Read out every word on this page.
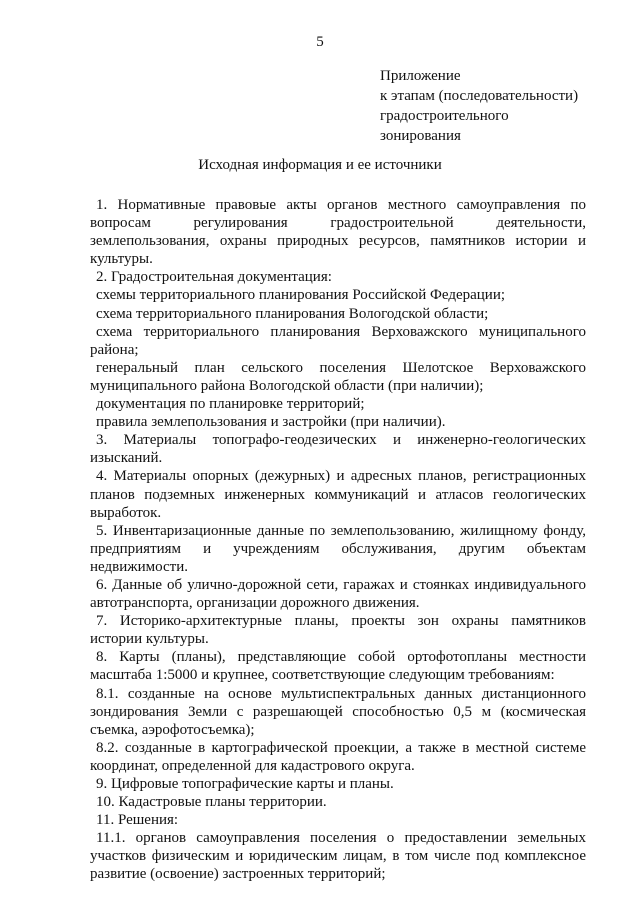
5
Приложение
к этапам (последовательности)
градостроительного
зонирования
Исходная информация и ее источники

1. Нормативные правовые акты органов местного самоуправления по вопросам регулирования градостроительной деятельности, землепользования, охраны природных ресурсов, памятников истории и культуры.

2. Градостроительная документация:

схемы территориального планирования Российской Федерации;

схема территориального планирования Вологодской области;

схема территориального планирования Верховажского муниципального района;

генеральный план сельского поселения Шелотское Верховажского муниципального района Вологодской области (при наличии);

документация по планировке территорий;

правила землепользования и застройки (при наличии).

3. Материалы топографо-геодезических и инженерно-геологических изысканий.

4. Материалы опорных (дежурных) и адресных планов, регистрационных планов подземных инженерных коммуникаций и атласов геологических выработок.

5. Инвентаризационные данные по землепользованию, жилищному фонду, предприятиям и учреждениям обслуживания, другим объектам недвижимости.

6. Данные об улично-дорожной сети, гаражах и стоянках индивидуального автотранспорта, организации дорожного движения.

7. Историко-архитектурные планы, проекты зон охраны памятников истории культуры.

8. Карты (планы), представляющие собой ортофотопланы местности масштаба 1:5000 и крупнее, соответствующие следующим требованиям:

8.1. созданные на основе мультиспектральных данных дистанционного зондирования Земли с разрешающей способностью 0,5 м (космическая съемка, аэрофотосъемка);

8.2. созданные в картографической проекции, а также в местной системе координат, определенной для кадастрового округа.

9. Цифровые топографические карты и планы.

10. Кадастровые планы территории.

11. Решения:

11.1. органов самоуправления поселения о предоставлении земельных участков физическим и юридическим лицам, в том числе под комплексное развитие (освоение) застроенных территорий;
